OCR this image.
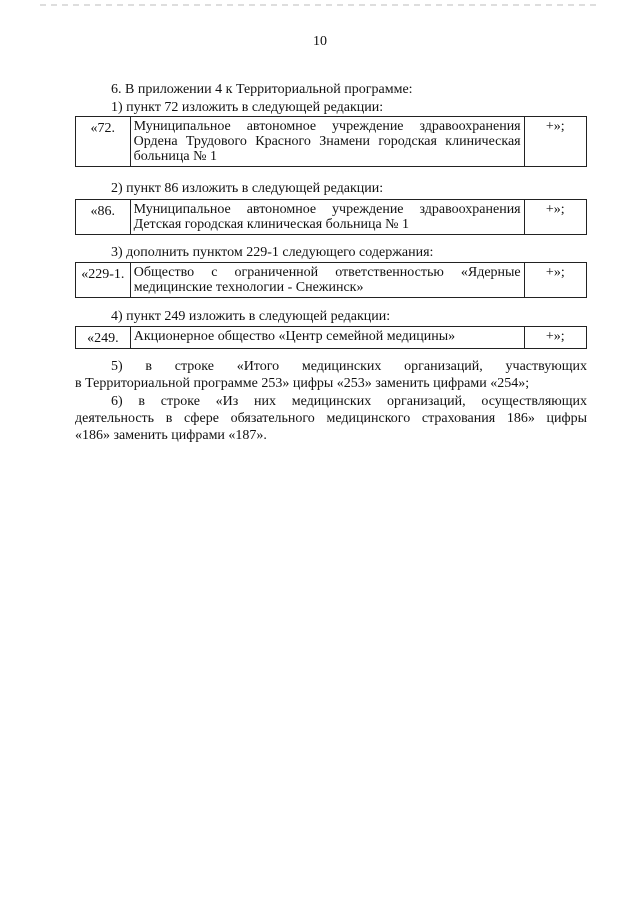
10
6. В приложении 4 к Территориальной программе:
1) пункт 72 изложить в следующей редакции:
«72.	Муниципальное автономное учреждение здравоохранения Ордена Трудового Красного Знамени городская клиническая больница № 1	+»;
2) пункт 86 изложить в следующей редакции:
«86.	Муниципальное автономное учреждение здравоохранения Детская городская клиническая больница № 1	+»;
3) дополнить пунктом 229-1 следующего содержания:
«229-1.	Общество с ограниченной ответственностью «Ядерные медицинские технологии - Снежинск»	+»;
4) пункт 249 изложить в следующей редакции:
«249.	Акционерное общество «Центр семейной медицины»	+»;
5) в строке «Итого медицинских организаций, участвующих
в Территориальной программе 253» цифры «253» заменить цифрами «254»;
6) в строке «Из них медицинских организаций, осуществляющих
деятельность в сфере обязательного медицинского страхования 186» цифры
«186» заменить цифрами «187».
